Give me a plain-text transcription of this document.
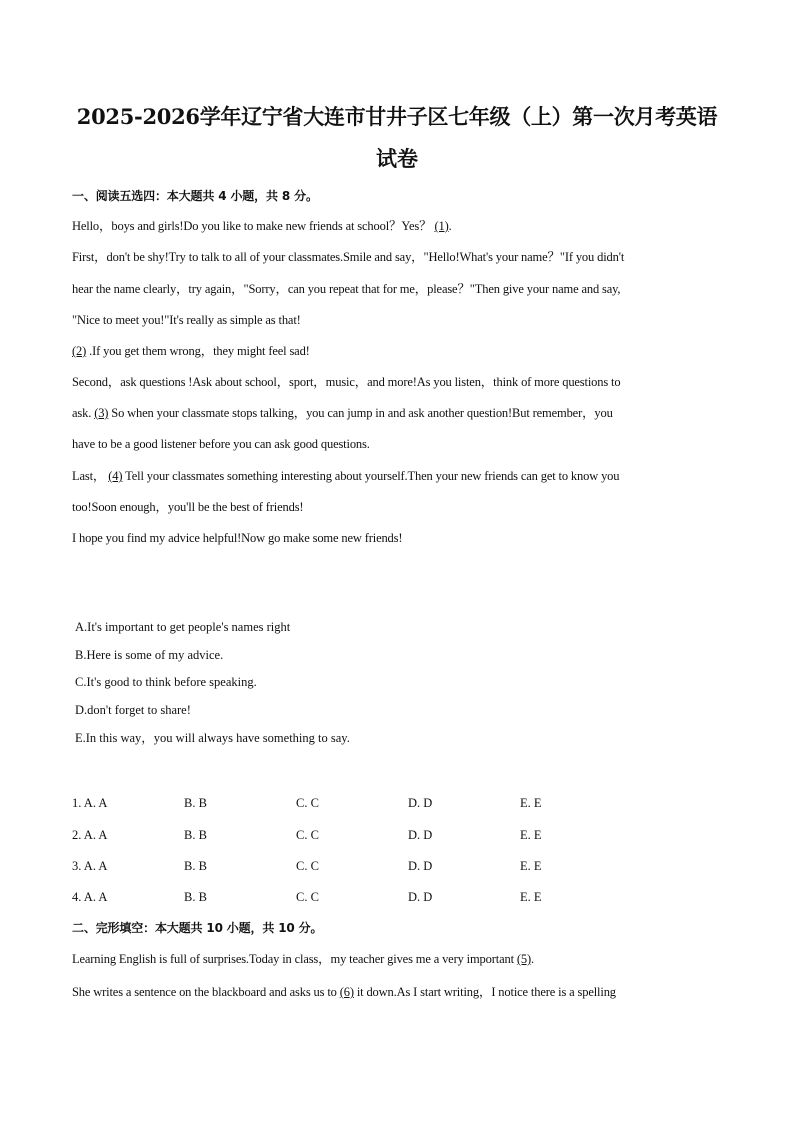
2025-2026学年辽宁省大连市甘井子区七年级（上）第一次月考英语
试卷
一、阅读五选四：本大题共 4 小题，共 8 分。
Hello，boys and girls!Do you like to make new friends at school？Yes？ (1).
First，don't be shy!Try to talk to all of your classmates.Smile and say，"Hello!What's your name？"If you didn't
hear the name clearly，try again，"Sorry，can you repeat that for me，please？"Then give your name and say,
"Nice to meet you!"It's really as simple as that!
(2) .If you get them wrong，they might feel sad!
Second，ask questions !Ask about school，sport，music，and more!As you listen，think of more questions to
ask. (3) So when your classmate stops talking，you can jump in and ask another question!But remember，you
have to be a good listener before you can ask good questions.
Last， (4) Tell your classmates something interesting about yourself.Then your new friends can get to know you
too!Soon enough，you'll be the best of friends!
I hope you find my advice helpful!Now go make some new friends!
A.It's important to get people's names right
B.Here is some of my advice.
C.It's good to think before speaking.
D.don't forget to share!
E.In this way，you will always have something to say.
1. A. A	B. B	C. C	D. D	E. E
2. A. A	B. B	C. C	D. D	E. E
3. A. A	B. B	C. C	D. D	E. E
4. A. A	B. B	C. C	D. D	E. E
二、完形填空：本大题共 10 小题，共 10 分。
Learning English is full of surprises.Today in class，my teacher gives me a very important (5).
She writes a sentence on the blackboard and asks us to (6) it down.As I start writing，I notice there is a spelling
